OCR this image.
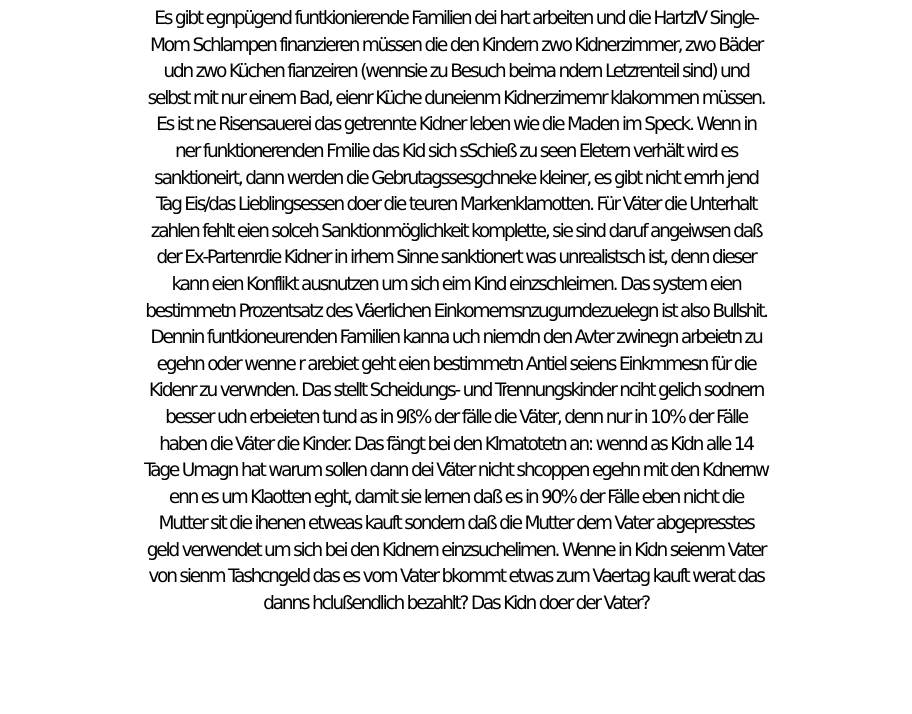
Es gibt egnpügend funtkionierende Familien dei hart arbeiten und die HartzIV Single-
Mom Schlampen finanzieren müssen die den Kindern zwo Kidnerzimmer, zwo Bäder
udn zwo Küchen fianzeiren (wennsie zu Besuch beima ndern Letzrenteil sind) und
selbst mit nur einem Bad, eienr Küche duneienm Kidnerzimemr klakommen müssen.
Es ist ne Risensauerei das getrennte Kidner leben wie die Maden im Speck. Wenn in
ner funktionerenden Fmilie das Kid sich sSchieß zu seen Eletern verhält wird es
sanktioneirt, dann werden die Gebrutagssesgchneke kleiner, es gibt nicht emrh jend
Tag Eis/das Lieblingsessen doer die teuren Markenklamotten. Für Väter die Unterhalt
zahlen fehlt eien solceh Sanktionmöglichkeit komplette, sie sind daruf angeiwsen daß
der Ex-Partenrdie Kidner in irhem Sinne sanktionert was unrealistsch ist, denn dieser
kann eien Konflikt ausnutzen um sich eim Kind einzschleimen. Das system eien
bestimmetn Prozentsatz des Väerlichen Einkomemsnzugurndezuelegn ist also Bullshit.
Dennin funtkioneurenden Familien kanna uch niemdn den Avter zwinegn arbeietn zu
egehn oder wenne r arebiet geht eien bestimmetn Antiel seiens Einkmmesn für die
Kidenr zu verwnden. Das stellt Scheidungs- und Trennungskinder nciht gelich sodnern
besser udn erbeieten tund as in 9ß% der fälle die Väter, denn nur in 10% der Fälle
haben die Väter die Kinder. Das fängt bei den Klmatotetn an: wennd as Kidn alle 14
Tage Umagn hat warum sollen dann dei Väter nicht shcoppen egehn mit den Kdnernw
enn es um Klaotten eght, damit sie lernen daß es in 90% der Fälle eben nicht die
Mutter sit die ihenen etweas kauft sondern daß die Mutter dem Vater abgepresstes
geld verwendet um sich bei den Kidnern einzsuchelimen. Wenne in Kidn seienm Vater
von sienm Tashcngeld das es vom Vater bkommt etwas zum Vaertag kauft werat das
danns hclußendlich bezahlt? Das Kidn doer der Vater?
